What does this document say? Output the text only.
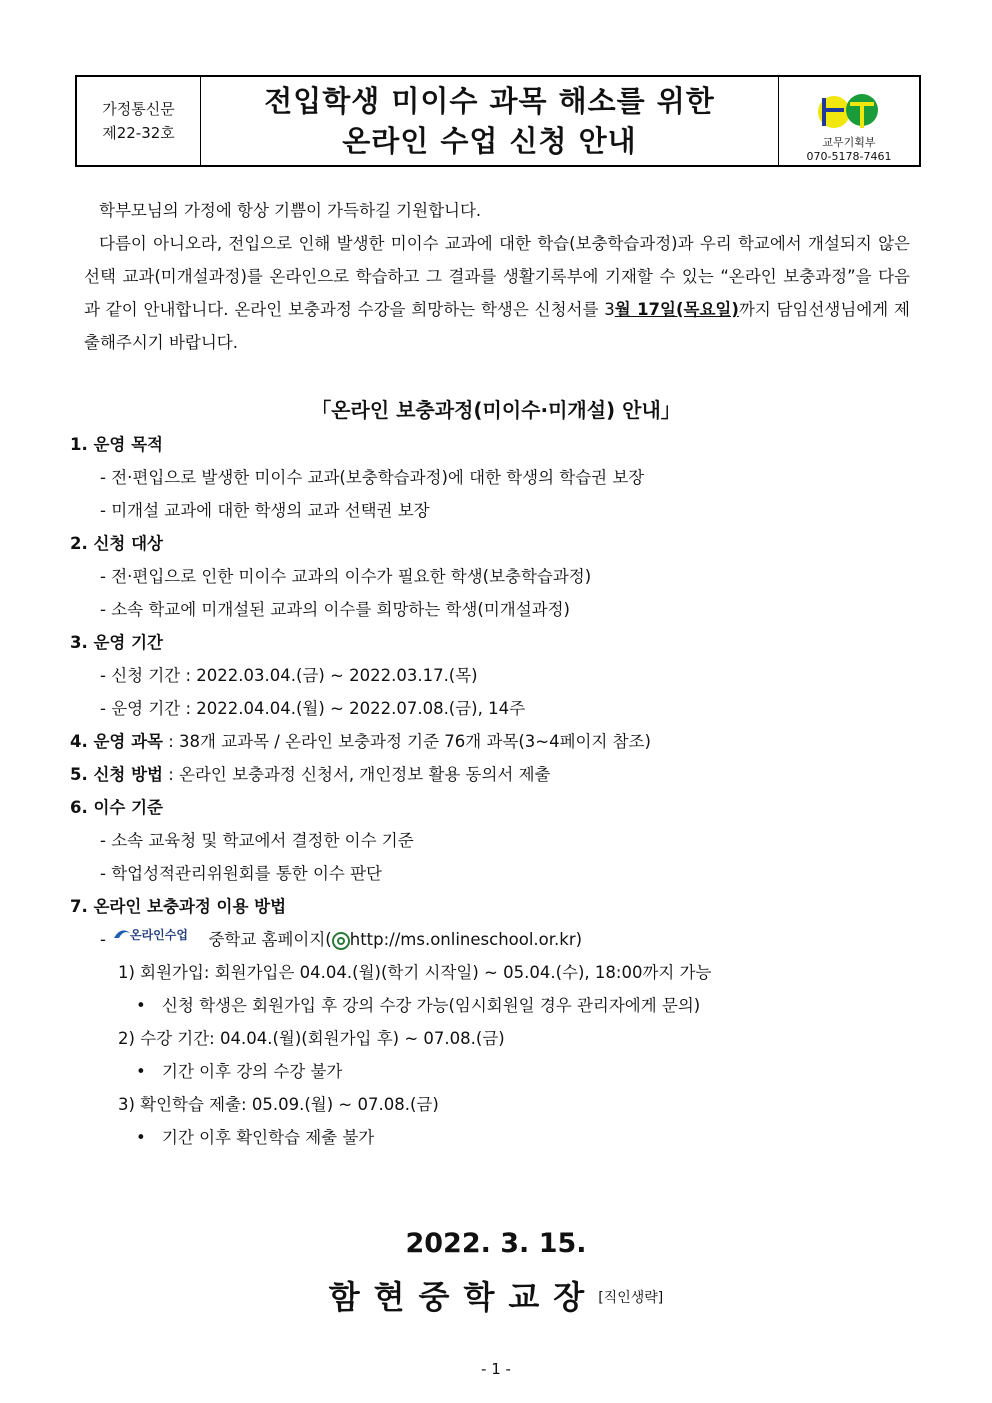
가정통신문
제22-32호
전입학생 미이수 과목 해소를 위한
온라인 수업 신청 안내	교무기획부
070-5178-7461

학부모님의 가정에 항상 기쁨이 가득하길 기원합니다.

다름이 아니오라, 전입으로 인해 발생한 미이수 교과에 대한 학습(보충학습과정)과 우리 학교에서 개설되지 않은 선택 교과(미개설과정)를 온라인으로 학습하고 그 결과를 생활기록부에 기재할 수 있는 “온라인 보충과정”을 다음과 같이 안내합니다. 온라인 보충과정 수강을 희망하는 학생은 신청서를 3월 17일(목요일)까지 담임선생님에게 제출해주시기 바랍니다.

「온라인 보충과정(미이수·미개설) 안내」
1. 운영 목적
- 전·편입으로 발생한 미이수 교과(보충학습과정)에 대한 학생의 학습권 보장
- 미개설 교과에 대한 학생의 교과 선택권 보장
2. 신청 대상
- 전·편입으로 인한 미이수 교과의 이수가 필요한 학생(보충학습과정)
- 소속 학교에 미개설된 교과의 이수를 희망하는 학생(미개설과정)
3. 운영 기간
- 신청 기간 : 2022.03.04.(금) ~ 2022.03.17.(목)
- 운영 기간 : 2022.04.04.(월) ~ 2022.07.08.(금), 14주
4. 운영 과목 : 38개 교과목 / 온라인 보충과정 기준 76개 과목(3~4페이지 참조)
5. 신청 방법 : 온라인 보충과정 신청서, 개인정보 활용 동의서 제출
6. 이수 기준
- 소속 교육청 및 학교에서 결정한 이수 기준
- 학업성적관리위원회를 통한 이수 판단
7. 온라인 보충과정 이용 방법
- 온라인수업 중학교 홈페이지( http://ms.onlineschool.or.kr)
1) 회원가입: 회원가입은 04.04.(월)(학기 시작일) ~ 05.04.(수), 18:00까지 가능
• 신청 학생은 회원가입 후 강의 수강 가능(임시회원일 경우 관리자에게 문의)
2) 수강 기간: 04.04.(월)(회원가입 후) ~ 07.08.(금)
• 기간 이후 강의 수강 불가
3) 확인학습 제출: 05.09.(월) ~ 07.08.(금)
• 기간 이후 확인학습 제출 불가
2022. 3. 15.
함현중학교장[직인생략]
- 1 -
